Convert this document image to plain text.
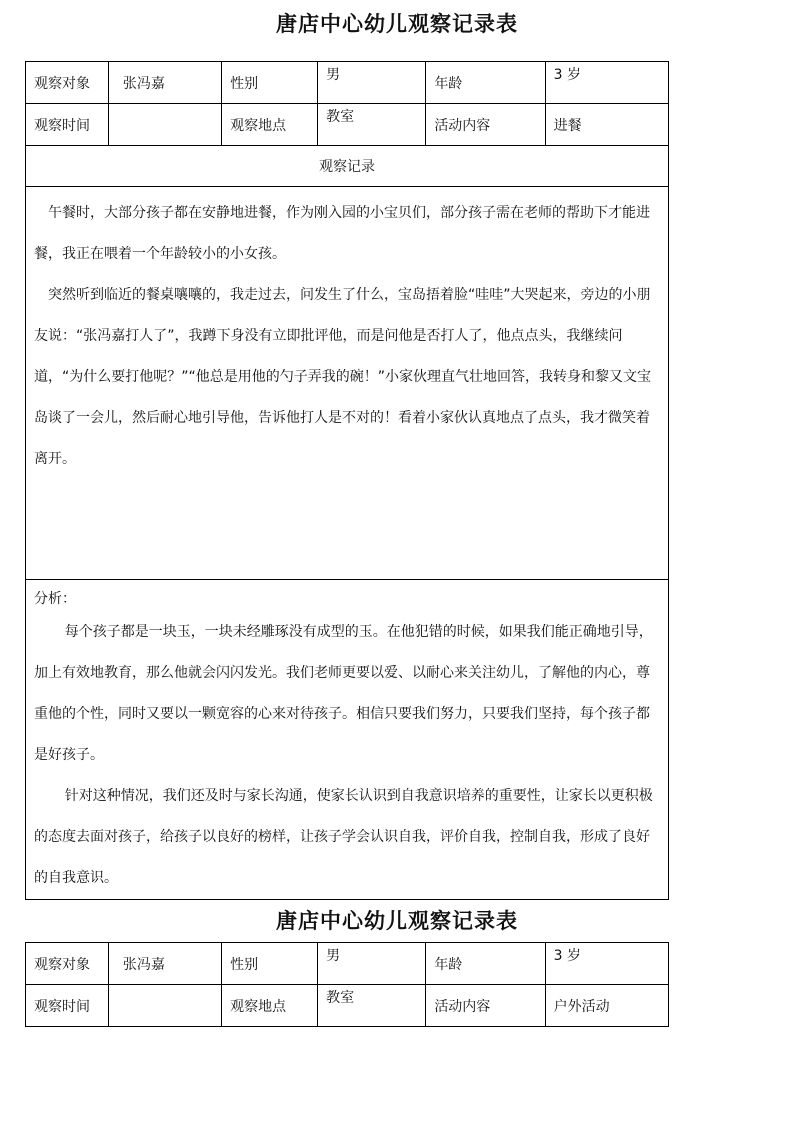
唐店中心幼儿观察记录表
观察对象	张冯嘉	性别	男	年龄	3 岁
观察时间		观察地点	教室	活动内容	进餐
观察记录					

午餐时，大部分孩子都在安静地进餐，作为刚入园的小宝贝们，部分孩子需在老师的帮助下才能进餐，我正在喂着一个年龄较小的小女孩。

突然听到临近的餐桌嚷嚷的，我走过去，问发生了什么，宝岛捂着脸“哇哇”大哭起来，旁边的小朋友说：“张冯嘉打人了”，我蹲下身没有立即批评他，而是问他是否打人了，他点点头，我继续问道，“为什么要打他呢？”“他总是用他的勺子弄我的碗！”小家伙理直气壮地回答，我转身和黎又文宝岛谈了一会儿，然后耐心地引导他，告诉他打人是不对的！看着小家伙认真地点了点头，我才微笑着离开。					

分析：

每个孩子都是一块玉，一块未经雕琢没有成型的玉。在他犯错的时候，如果我们能正确地引导，加上有效地教育，那么他就会闪闪发光。我们老师更要以爱、以耐心来关注幼儿，了解他的内心，尊重他的个性，同时又要以一颗宽容的心来对待孩子。相信只要我们努力，只要我们坚持，每个孩子都是好孩子。

针对这种情况，我们还及时与家长沟通，使家长认识到自我意识培养的重要性，让家长以更积极的态度去面对孩子，给孩子以良好的榜样，让孩子学会认识自我，评价自我，控制自我，形成了良好的自我意识。					

唐店中心幼儿观察记录表
观察对象	张冯嘉	性别	男	年龄	3 岁
观察时间		观察地点	教室	活动内容	户外活动
